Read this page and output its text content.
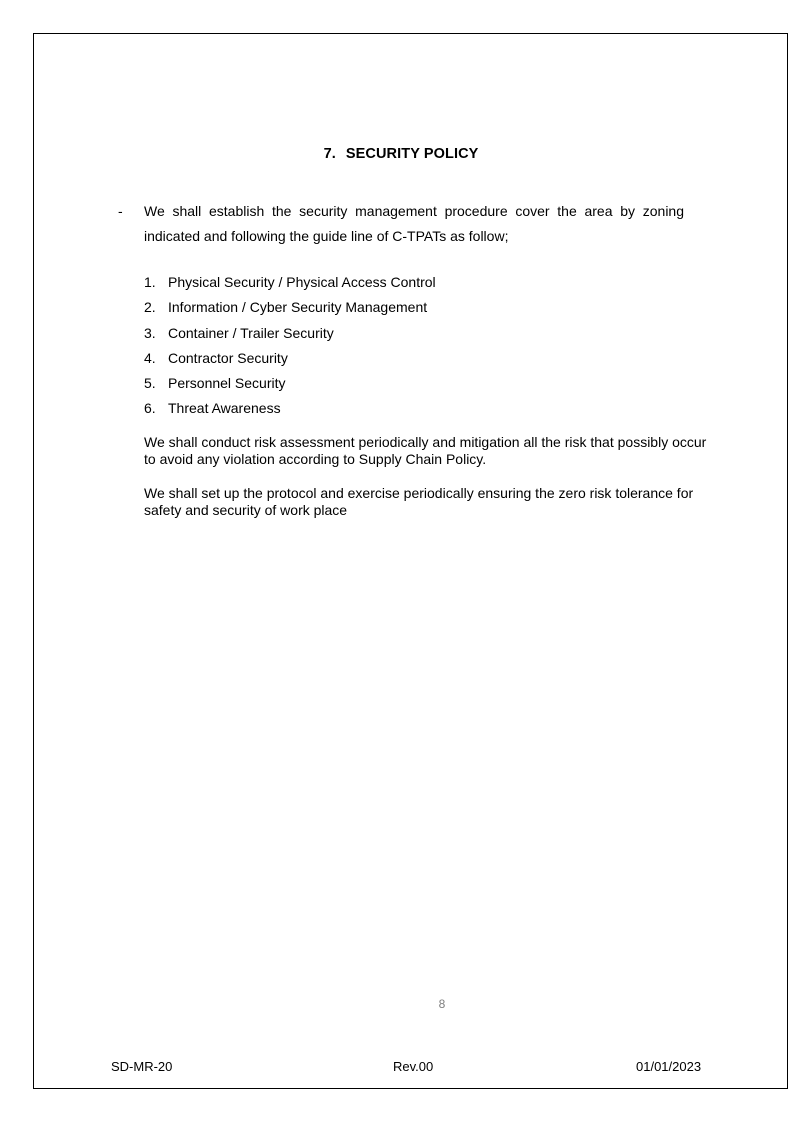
7. SECURITY POLICY
- We shall establish the security management procedure cover the area by zoning indicated and following the guide line of C-TPATs as follow;
1. Physical Security / Physical Access Control
2. Information / Cyber Security Management
3. Container / Trailer Security
4. Contractor Security
5. Personnel Security
6. Threat Awareness
We shall conduct risk assessment periodically and mitigation all the risk that possibly occur to avoid any violation according to Supply Chain Policy.
We shall set up the protocol and exercise periodically ensuring the zero risk tolerance for safety and security of work place
8
SD-MR-20	Rev.00	01/01/2023
